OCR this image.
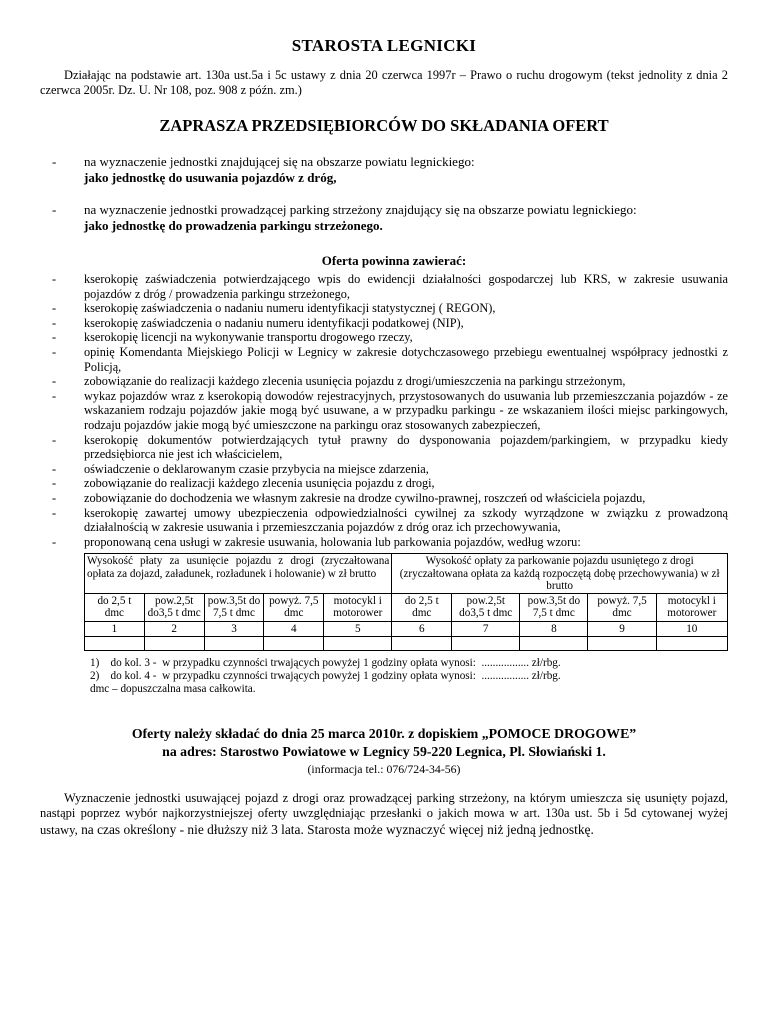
STAROSTA LEGNICKI
Działając na podstawie art. 130a ust.5a i 5c ustawy z dnia 20 czerwca 1997r – Prawo o ruchu drogowym (tekst jednolity z dnia 2 czerwca 2005r. Dz. U. Nr 108, poz. 908 z późn. zm.)
ZAPRASZA PRZEDSIĘBIORCÓW DO SKŁADANIA OFERT
-	na wyznaczenie jednostki znajdującej się na obszarze powiatu legnickiego:
jako jednostkę do usuwania pojazdów z dróg,
-	na wyznaczenie jednostki prowadzącej parking strzeżony znajdujący się na obszarze powiatu legnickiego:
jako jednostkę do prowadzenia parkingu strzeżonego.
Oferta powinna zawierać:
-	kserokopię zaświadczenia potwierdzającego wpis do ewidencji działalności gospodarczej lub KRS, w zakresie usuwania pojazdów z dróg / prowadzenia parkingu strzeżonego,
-	kserokopię zaświadczenia o nadaniu numeru identyfikacji statystycznej ( REGON),
-	kserokopię zaświadczenia o nadaniu numeru identyfikacji podatkowej (NIP),
-	kserokopię licencji na wykonywanie transportu drogowego rzeczy,
-	opinię Komendanta Miejskiego Policji w Legnicy w zakresie dotychczasowego przebiegu ewentualnej współpracy jednostki z Policją,
-	zobowiązanie do realizacji każdego zlecenia usunięcia pojazdu z drogi/umieszczenia na parkingu strzeżonym,
-	wykaz pojazdów wraz z kserokopią dowodów rejestracyjnych, przystosowanych do usuwania lub przemieszczania pojazdów - ze wskazaniem rodzaju pojazdów jakie mogą być usuwane, a w przypadku parkingu - ze wskazaniem ilości miejsc parkingowych, rodzaju pojazdów jakie mogą być umieszczone na parkingu oraz stosowanych zabezpieczeń,
-	kserokopię dokumentów potwierdzających tytuł prawny do dysponowania pojazdem/parkingiem, w przypadku kiedy przedsiębiorca nie jest ich właścicielem,
-	oświadczenie o deklarowanym czasie przybycia na miejsce zdarzenia,
-	zobowiązanie do realizacji każdego zlecenia usunięcia pojazdu z drogi,
-	zobowiązanie do dochodzenia we własnym zakresie na drodze cywilno-prawnej, roszczeń od właściciela pojazdu,
-	kserokopię zawartej umowy ubezpieczenia odpowiedzialności cywilnej za szkody wyrządzone w związku z prowadzoną działalnością w zakresie usuwania i przemieszczania pojazdów z dróg oraz ich przechowywania,
-	proponowaną cena usługi w zakresie usuwania, holowania lub parkowania pojazdów, według wzoru:
Wysokość płaty za usunięcie pojazdu z drogi (zryczałtowana opłata za dojazd, załadunek, rozładunek i holowanie) w zł brutto					Wysokość opłaty za parkowanie pojazdu usuniętego z drogi (zryczałtowana opłata za każdą rozpoczętą dobę przechowywania) w zł brutto				
do 2,5 t dmc	pow.2,5t do3,5 t dmc	pow.3,5t do 7,5 t dmc	powyż. 7,5 dmc	motocykl i motorower	do 2,5 t dmc	pow.2,5t do3,5 t dmc	pow.3,5t do 7,5 t dmc	powyż. 7,5 dmc	motocykl i motorower
1	2	3	4	5	6	7	8	9	10

1)    do kol. 3 -  w przypadku czynności trwających powyżej 1 godziny opłata wynosi:  ................. zł/rbg.
2)    do kol. 4 -  w przypadku czynności trwających powyżej 1 godziny opłata wynosi:  ................. zł/rbg.
dmc – dopuszczalna masa całkowita.
Oferty należy składać do dnia 25 marca 2010r. z dopiskiem „POMOCE DROGOWE”
na adres: Starostwo Powiatowe w Legnicy 59-220 Legnica, Pl. Słowiański 1.
(informacja tel.: 076/724-34-56)
Wyznaczenie jednostki usuwającej pojazd z drogi oraz prowadzącej parking strzeżony, na którym umieszcza się usunięty pojazd, nastąpi poprzez wybór najkorzystniejszej oferty uwzględniając przesłanki o jakich mowa w art. 130a ust. 5b i 5d cytowanej wyżej ustawy, na czas określony - nie dłuższy niż 3 lata. Starosta może wyznaczyć więcej niż jedną jednostkę.
